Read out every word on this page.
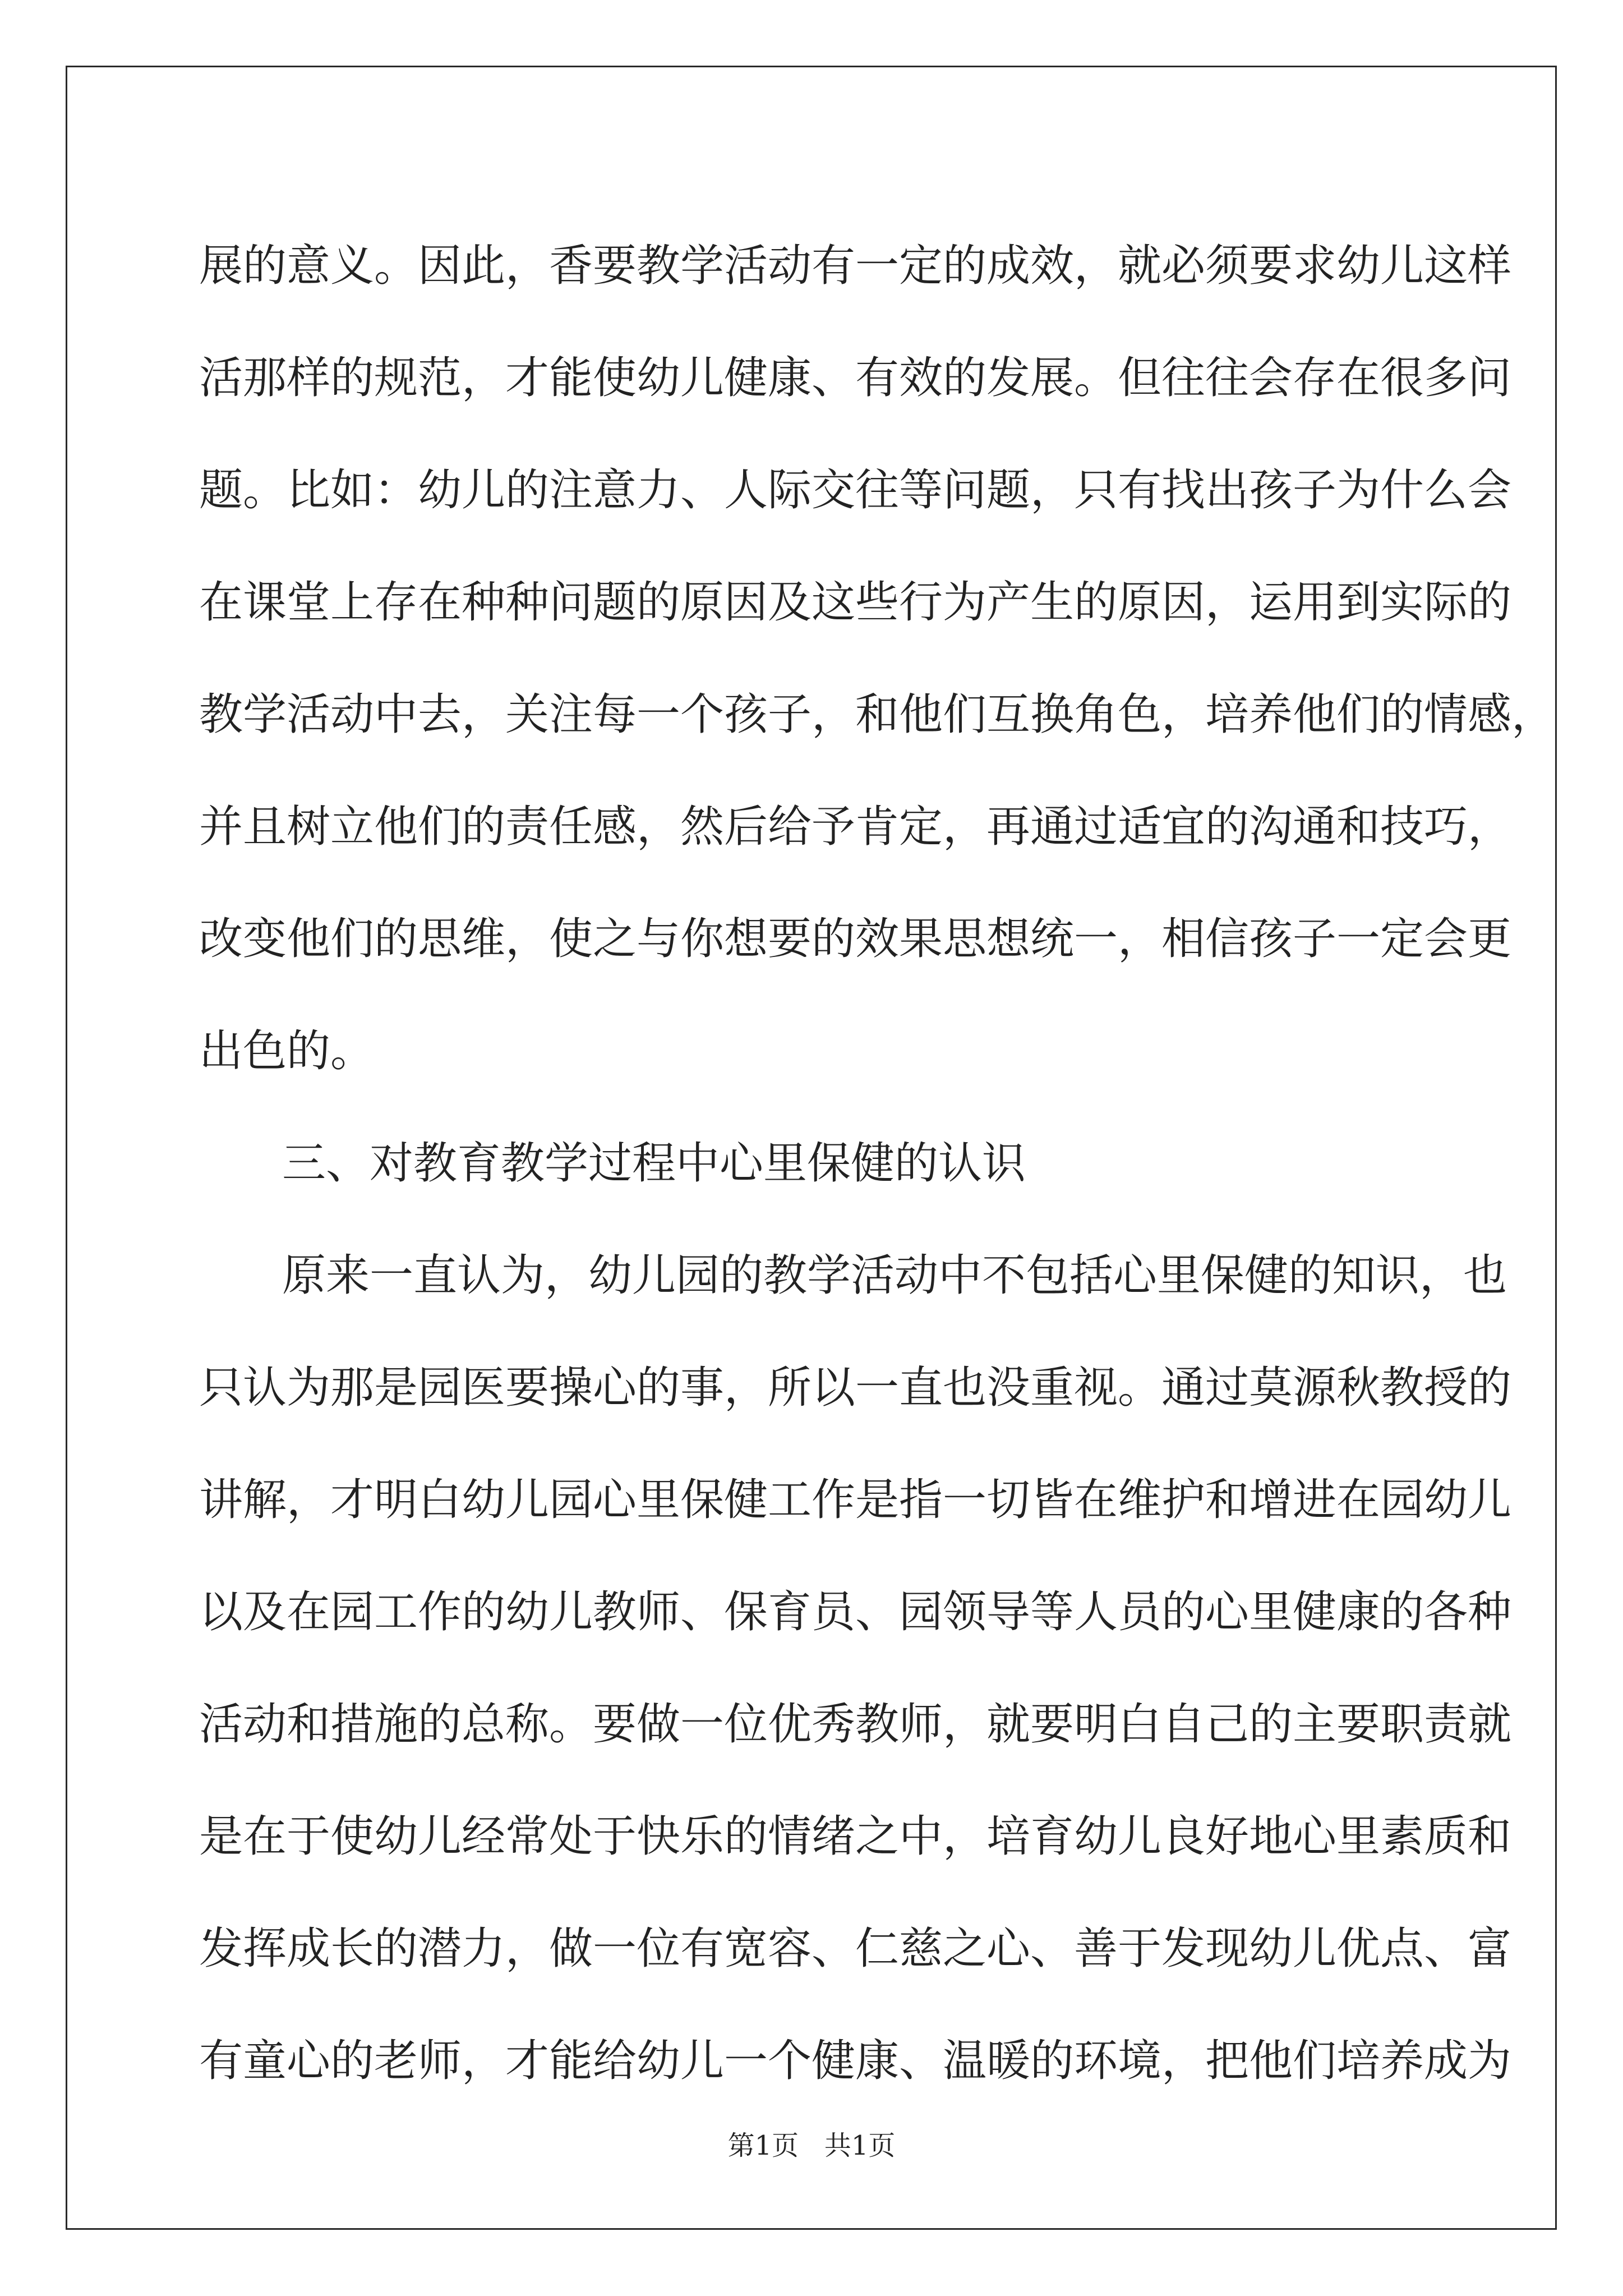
展的意义。因此，香要教学活动有一定的成效，就必须要求幼儿这样
活那样的规范，才能使幼儿健康、有效的发展。但往往会存在很多问
题。比如：幼儿的注意力、人际交往等问题，只有找出孩子为什么会
在课堂上存在种种问题的原因及这些行为产生的原因，运用到实际的
教学活动中去，关注每一个孩子，和他们互换角色，培养他们的情感，
并且树立他们的责任感，然后给予肯定，再通过适宜的沟通和技巧，
改变他们的思维，使之与你想要的效果思想统一，相信孩子一定会更
出色的。
三、对教育教学过程中心里保健的认识
原来一直认为，幼儿园的教学活动中不包括心里保健的知识，也
只认为那是园医要操心的事，所以一直也没重视。通过莫源秋教授的
讲解，才明白幼儿园心里保健工作是指一切皆在维护和增进在园幼儿
以及在园工作的幼儿教师、保育员、园领导等人员的心里健康的各种
活动和措施的总称。要做一位优秀教师，就要明白自己的主要职责就
是在于使幼儿经常处于快乐的情绪之中，培育幼儿良好地心里素质和
发挥成长的潜力，做一位有宽容、仁慈之心、善于发现幼儿优点、富
有童心的老师，才能给幼儿一个健康、温暖的环境，把他们培养成为
第1页   共1页
